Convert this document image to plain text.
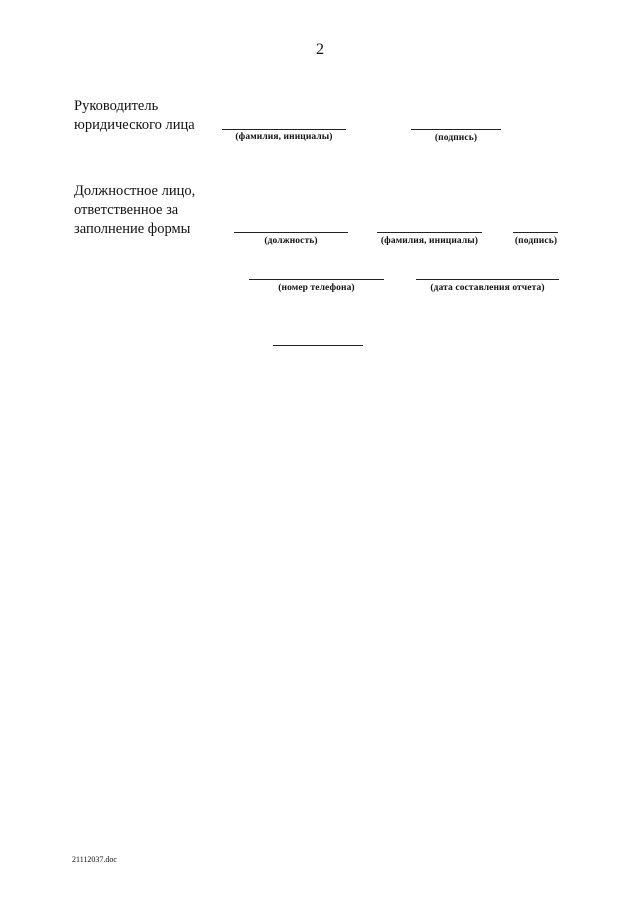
2
Руководитель
юридического лица
(фамилия, инициалы)	(подпись)
Должностное лицо,
ответственное за
заполнение формы
(должность)	(фамилия, инициалы)	(подпись)
(номер телефона)	(дата составления отчета)
21112037.doc
